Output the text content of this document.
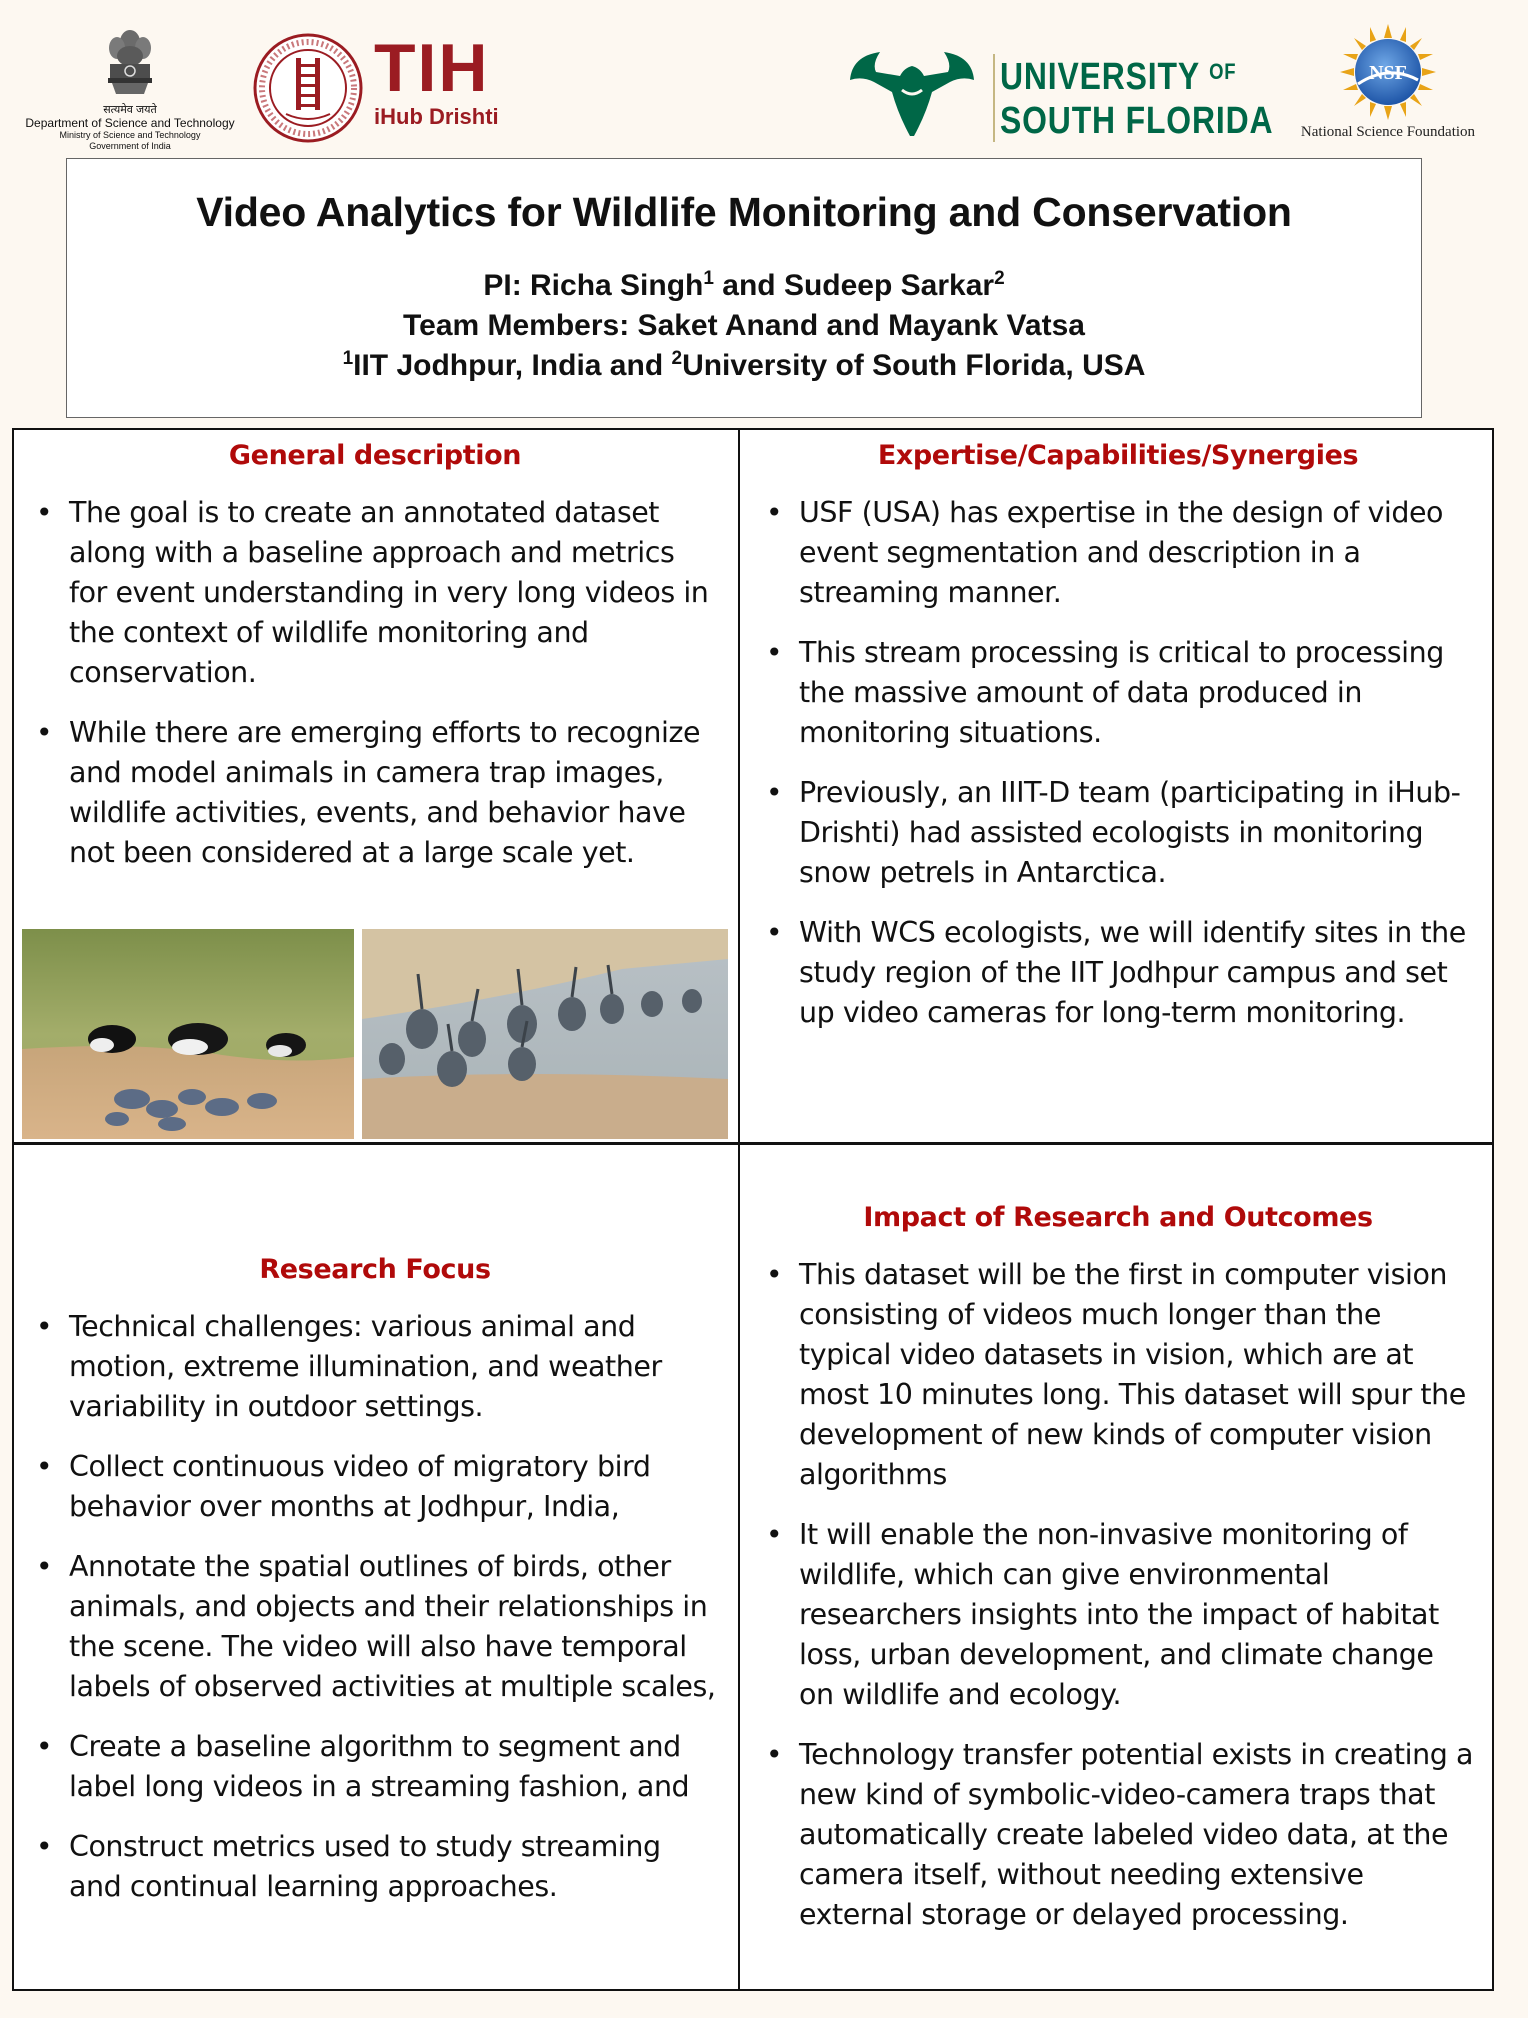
सत्यमेव जयते
Department of Science and Technology
Ministry of Science and Technology
Government of India
TIH
iHub Drishti
UNIVERSITY $^{OF}$
SOUTH FLORIDA
NSF
National Science Foundation
Video Analytics for Wildlife Monitoring and Conservation
PI: Richa Singh$^1$ and Sudeep Sarkar$^2$
Team Members: Saket Anand and Mayank Vatsa
$^1$IIT Jodhpur, India and $^2$University of South Florida, USA
General description
• The goal is to create an annotated dataset along with a baseline approach and metrics for event understanding in very long videos in the context of wildlife monitoring and conservation.
• While there are emerging efforts to recognize and model animals in camera trap images, wildlife activities, events, and behavior have not been considered at a large scale yet.
Expertise/Capabilities/Synergies
• USF (USA) has expertise in the design of video event segmentation and description in a streaming manner.
• This stream processing is critical to processing the massive amount of data produced in monitoring situations.
• Previously, an IIIT-D team (participating in iHub-Drishti) had assisted ecologists in monitoring snow petrels in Antarctica.
• With WCS ecologists, we will identify sites in the study region of the IIT Jodhpur campus and set up video cameras for long-term monitoring.
Research Focus
• Technical challenges: various animal and motion, extreme illumination, and weather variability in outdoor settings.
• Collect continuous video of migratory bird behavior over months at Jodhpur, India,
• Annotate the spatial outlines of birds, other animals, and objects and their relationships in the scene. The video will also have temporal labels of observed activities at multiple scales,
• Create a baseline algorithm to segment and label long videos in a streaming fashion, and
• Construct metrics used to study streaming and continual learning approaches.
Impact of Research and Outcomes
• This dataset will be the first in computer vision consisting of videos much longer than the typical video datasets in vision, which are at most 10 minutes long. This dataset will spur the development of new kinds of computer vision algorithms
• It will enable the non-invasive monitoring of wildlife, which can give environmental researchers insights into the impact of habitat loss, urban development, and climate change on wildlife and ecology.
• Technology transfer potential exists in creating a new kind of symbolic-video-camera traps that automatically create labeled video data, at the camera itself, without needing extensive external storage or delayed processing.
